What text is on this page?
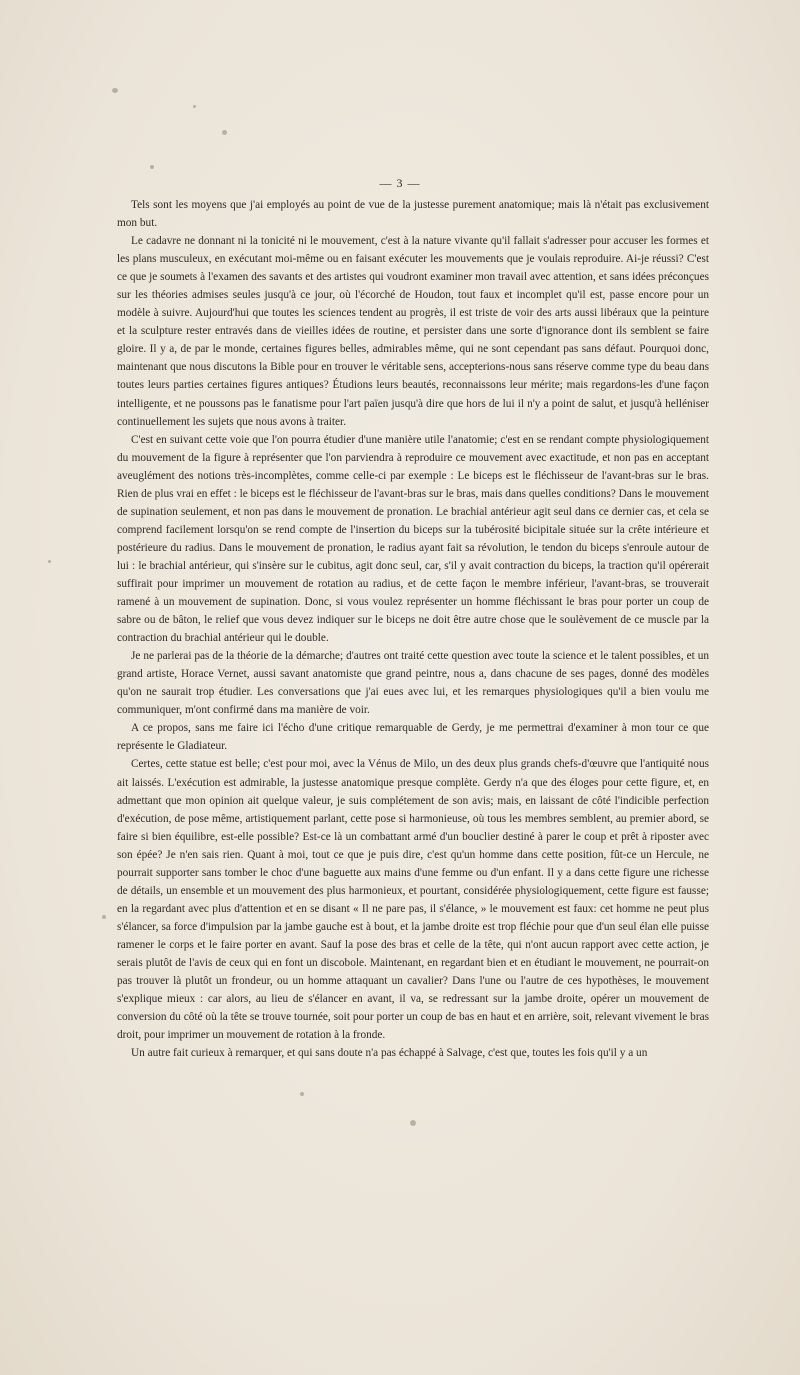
— 3 —

Tels sont les moyens que j'ai employés au point de vue de la justesse purement anatomique; mais là n'était pas exclusivement mon but.

Le cadavre ne donnant ni la tonicité ni le mouvement, c'est à la nature vivante qu'il fallait s'adresser pour accuser les formes et les plans musculeux, en exécutant moi-même ou en faisant exécuter les mouvements que je voulais reproduire. Ai-je réussi? C'est ce que je soumets à l'examen des savants et des artistes qui voudront examiner mon travail avec attention, et sans idées préconçues sur les théories admises seules jusqu'à ce jour, où l'écorché de Houdon, tout faux et incomplet qu'il est, passe encore pour un modèle à suivre. Aujourd'hui que toutes les sciences tendent au progrès, il est triste de voir des arts aussi libéraux que la peinture et la sculpture rester entravés dans de vieilles idées de routine, et persister dans une sorte d'ignorance dont ils semblent se faire gloire. Il y a, de par le monde, certaines figures belles, admirables même, qui ne sont cependant pas sans défaut. Pourquoi donc, maintenant que nous discutons la Bible pour en trouver le véritable sens, accepterions-nous sans réserve comme type du beau dans toutes leurs parties certaines figures antiques? Étudions leurs beautés, reconnaissons leur mérite; mais regardons-les d'une façon intelligente, et ne poussons pas le fanatisme pour l'art païen jusqu'à dire que hors de lui il n'y a point de salut, et jusqu'à helléniser continuellement les sujets que nous avons à traiter.

C'est en suivant cette voie que l'on pourra étudier d'une manière utile l'anatomie; c'est en se rendant compte physiologiquement du mouvement de la figure à représenter que l'on parviendra à reproduire ce mouvement avec exactitude, et non pas en acceptant aveuglément des notions très-incomplètes, comme celle-ci par exemple : Le biceps est le fléchisseur de l'avant-bras sur le bras. Rien de plus vrai en effet : le biceps est le fléchisseur de l'avant-bras sur le bras, mais dans quelles conditions? Dans le mouvement de supination seulement, et non pas dans le mouvement de pronation. Le brachial antérieur agit seul dans ce dernier cas, et cela se comprend facilement lorsqu'on se rend compte de l'insertion du biceps sur la tubérosité bicipitale située sur la crête intérieure et postérieure du radius. Dans le mouvement de pronation, le radius ayant fait sa révolution, le tendon du biceps s'enroule autour de lui : le brachial antérieur, qui s'insère sur le cubitus, agit donc seul, car, s'il y avait contraction du biceps, la traction qu'il opérerait suffirait pour imprimer un mouvement de rotation au radius, et de cette façon le membre inférieur, l'avant-bras, se trouverait ramené à un mouvement de supination. Donc, si vous voulez représenter un homme fléchissant le bras pour porter un coup de sabre ou de bâton, le relief que vous devez indiquer sur le biceps ne doit être autre chose que le soulèvement de ce muscle par la contraction du brachial antérieur qui le double.

Je ne parlerai pas de la théorie de la démarche; d'autres ont traité cette question avec toute la science et le talent possibles, et un grand artiste, Horace Vernet, aussi savant anatomiste que grand peintre, nous a, dans chacune de ses pages, donné des modèles qu'on ne saurait trop étudier. Les conversations que j'ai eues avec lui, et les remarques physiologiques qu'il a bien voulu me communiquer, m'ont confirmé dans ma manière de voir.

A ce propos, sans me faire ici l'écho d'une critique remarquable de Gerdy, je me permettrai d'examiner à mon tour ce que représente le Gladiateur.

Certes, cette statue est belle; c'est pour moi, avec la Vénus de Milo, un des deux plus grands chefs-d'œuvre que l'antiquité nous ait laissés. L'exécution est admirable, la justesse anatomique presque complète. Gerdy n'a que des éloges pour cette figure, et, en admettant que mon opinion ait quelque valeur, je suis complétement de son avis; mais, en laissant de côté l'indicible perfection d'exécution, de pose même, artistiquement parlant, cette pose si harmonieuse, où tous les membres semblent, au premier abord, se faire si bien équilibre, est-elle possible? Est-ce là un combattant armé d'un bouclier destiné à parer le coup et prêt à riposter avec son épée? Je n'en sais rien. Quant à moi, tout ce que je puis dire, c'est qu'un homme dans cette position, fût-ce un Hercule, ne pourrait supporter sans tomber le choc d'une baguette aux mains d'une femme ou d'un enfant. Il y a dans cette figure une richesse de détails, un ensemble et un mouvement des plus harmonieux, et pourtant, considérée physiologiquement, cette figure est fausse; en la regardant avec plus d'attention et en se disant « Il ne pare pas, il s'élance, » le mouvement est faux: cet homme ne peut plus s'élancer, sa force d'impulsion par la jambe gauche est à bout, et la jambe droite est trop fléchie pour que d'un seul élan elle puisse ramener le corps et le faire porter en avant. Sauf la pose des bras et celle de la tête, qui n'ont aucun rapport avec cette action, je serais plutôt de l'avis de ceux qui en font un discobole. Maintenant, en regardant bien et en étudiant le mouvement, ne pourrait-on pas trouver là plutôt un frondeur, ou un homme attaquant un cavalier? Dans l'une ou l'autre de ces hypothèses, le mouvement s'explique mieux : car alors, au lieu de s'élancer en avant, il va, se redressant sur la jambe droite, opérer un mouvement de conversion du côté où la tête se trouve tournée, soit pour porter un coup de bas en haut et en arrière, soit, relevant vivement le bras droit, pour imprimer un mouvement de rotation à la fronde.

Un autre fait curieux à remarquer, et qui sans doute n'a pas échappé à Salvage, c'est que, toutes les fois qu'il y a un
